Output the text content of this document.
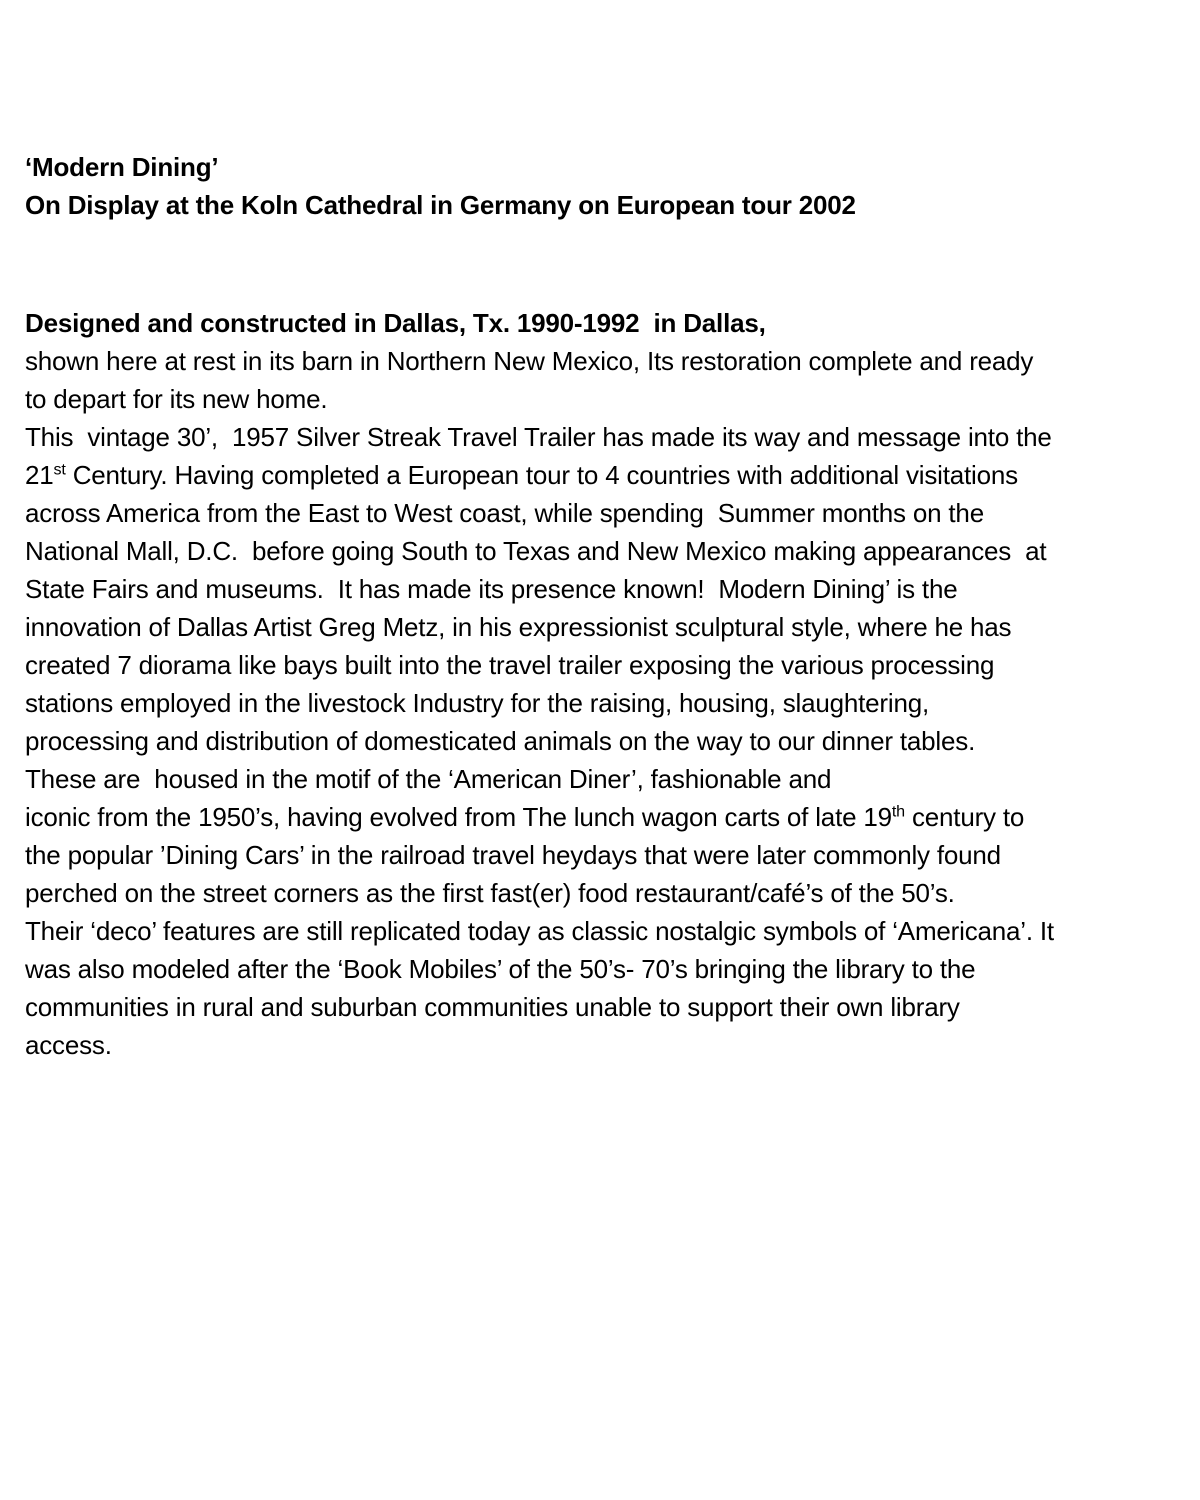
‘Modern Dining’
On Display at the Koln Cathedral in Germany on European tour 2002
Designed and constructed in Dallas, Tx. 1990-1992  in Dallas,
shown here at rest in its barn in Northern New Mexico, Its restoration complete and ready
to depart for its new home.
This  vintage 30’,  1957 Silver Streak Travel Trailer has made its way and message into the
21st Century. Having completed a European tour to 4 countries with additional visitations
across America from the East to West coast, while spending  Summer months on the
National Mall, D.C.  before going South to Texas and New Mexico making appearances  at
State Fairs and museums.  It has made its presence known!  Modern Dining’ is the
innovation of Dallas Artist Greg Metz, in his expressionist sculptural style, where he has
created 7 diorama like bays built into the travel trailer exposing the various processing
stations employed in the livestock Industry for the raising, housing, slaughtering,
processing and distribution of domesticated animals on the way to our dinner tables.
These are  housed in the motif of the ‘American Diner’, fashionable and
iconic from the 1950’s, having evolved from The lunch wagon carts of late 19th century to
the popular ’Dining Cars’ in the railroad travel heydays that were later commonly found
perched on the street corners as the first fast(er) food restaurant/café’s of the 50’s.
Their ‘deco’ features are still replicated today as classic nostalgic symbols of ‘Americana’. It
was also modeled after the ‘Book Mobiles’ of the 50’s- 70’s bringing the library to the
communities in rural and suburban communities unable to support their own library
access.
